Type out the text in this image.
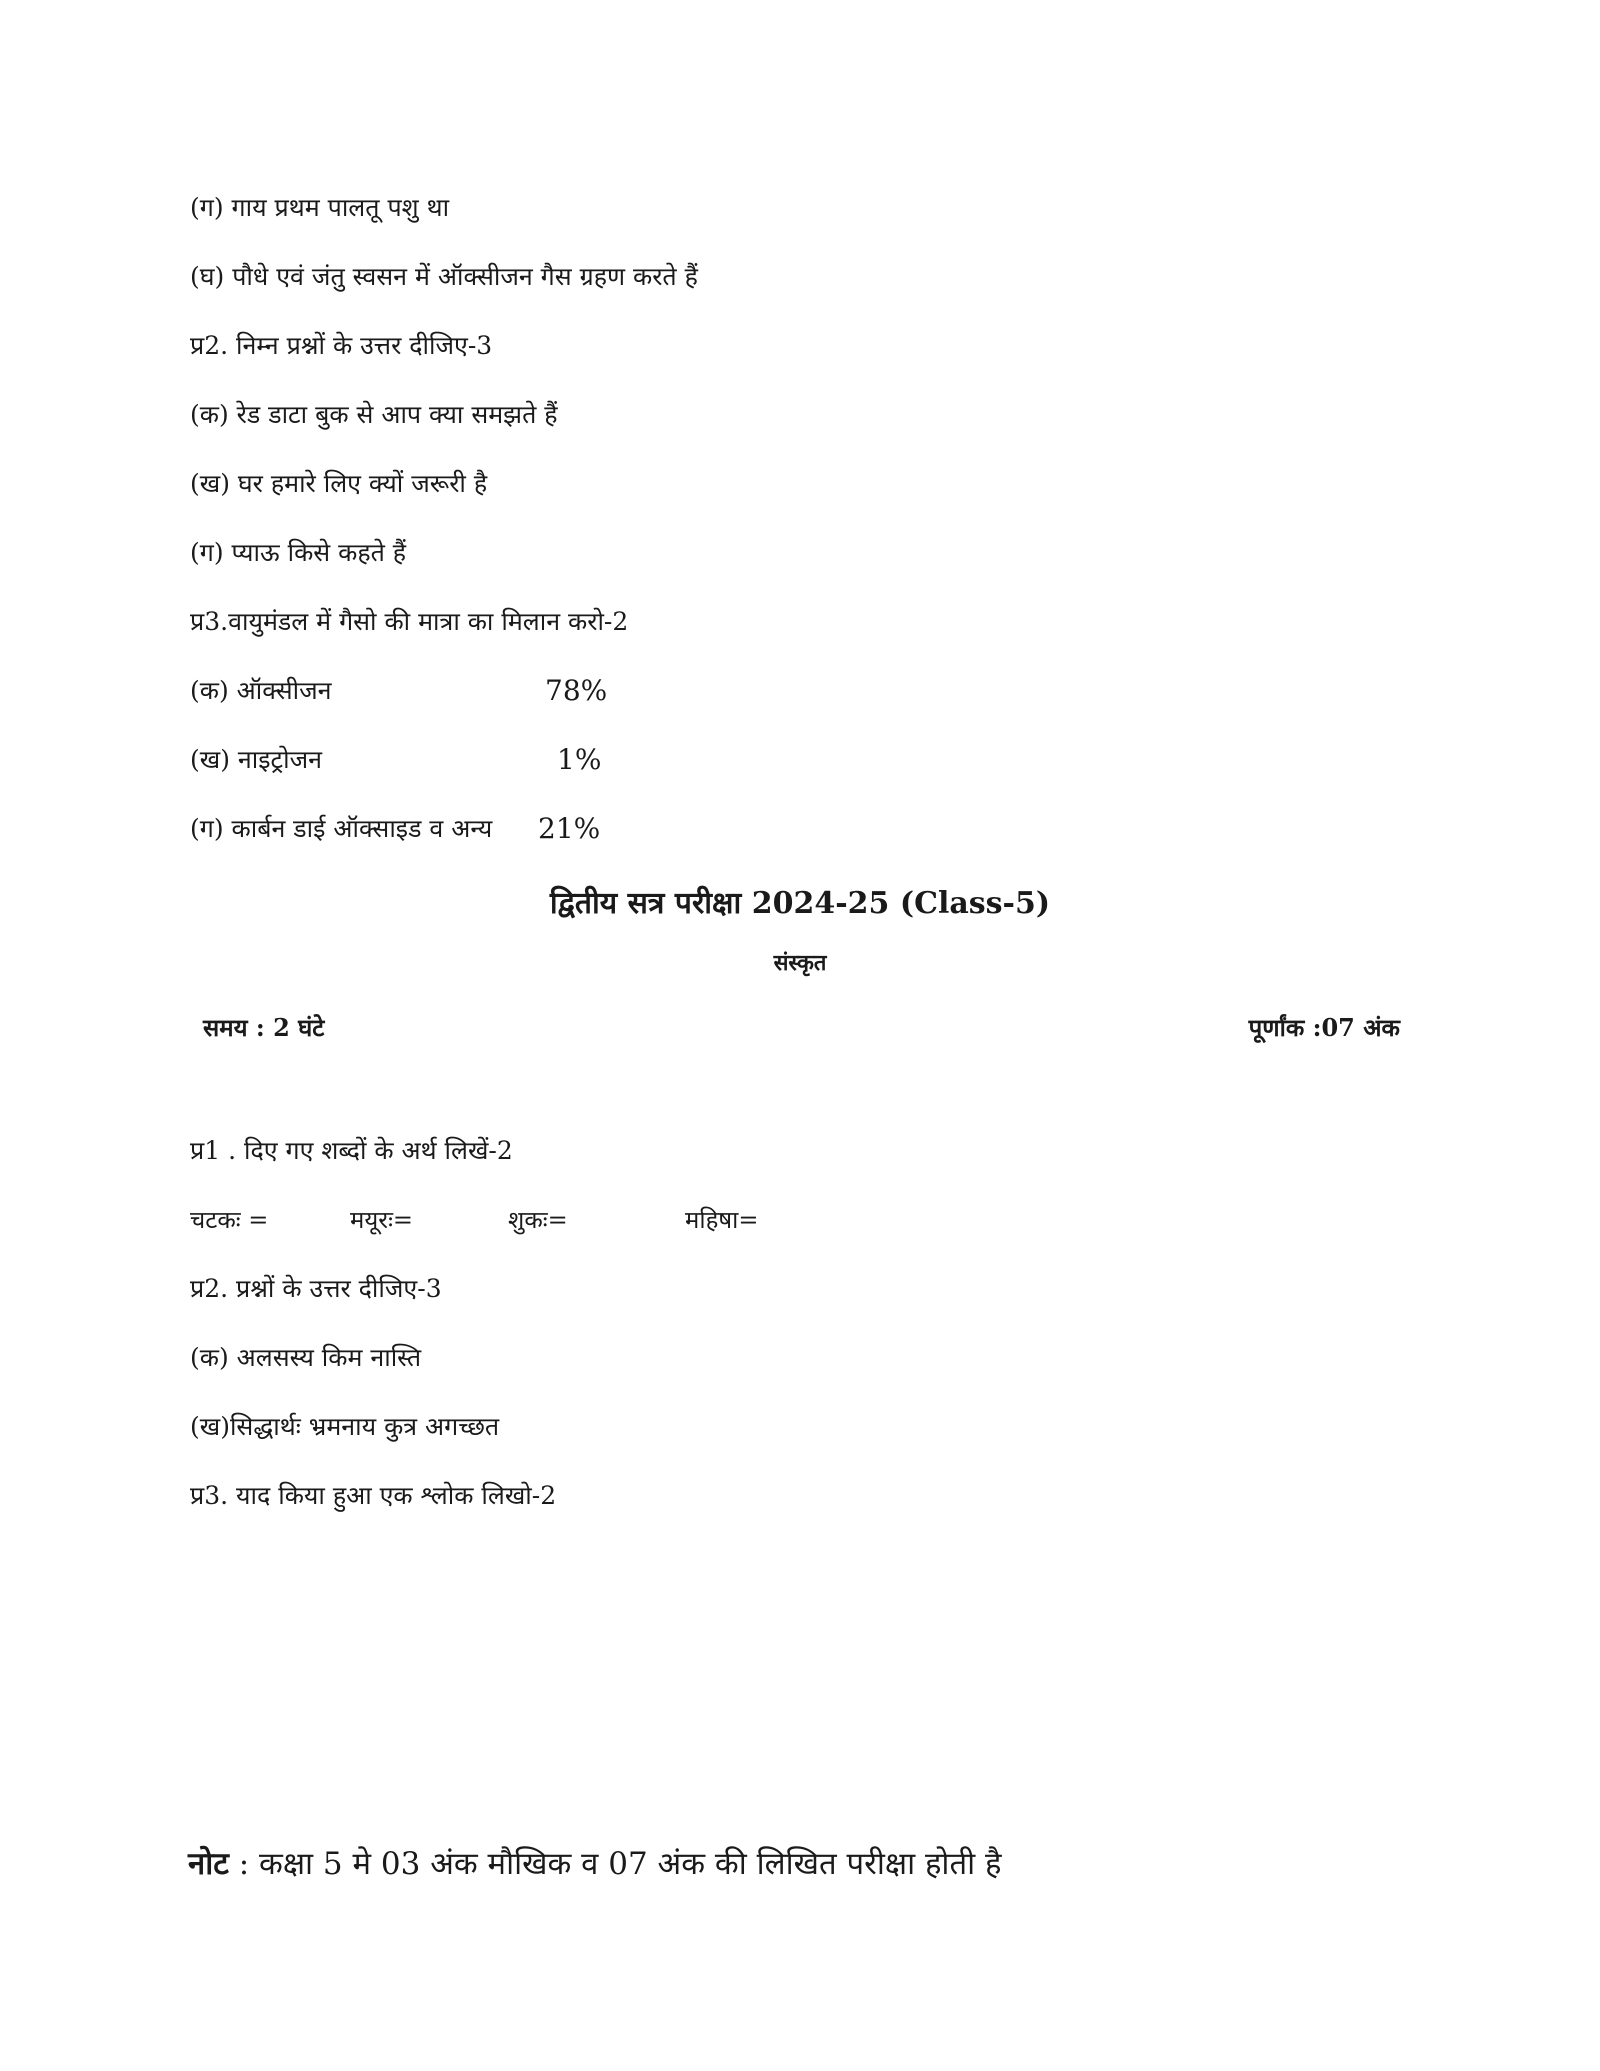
(ग) गाय प्रथम पालतू पशु था
(घ) पौधे एवं जंतु स्वसन में ऑक्सीजन गैस ग्रहण करते हैं
प्र2. निम्न प्रश्नों के उत्तर दीजिए-3
(क) रेड डाटा बुक से आप क्या समझते हैं
(ख) घर हमारे लिए क्यों जरूरी है
(ग) प्याऊ किसे कहते हैं
प्र3.वायुमंडल में गैसो की मात्रा का मिलान करो-2
(क) ऑक्सीजन	78%
(ख) नाइट्रोजन	1%
(ग) कार्बन डाई ऑक्साइड व अन्य 21%
द्वितीय सत्र परीक्षा 2024-25 (Class-5)
संस्कृत
समय : 2 घंटे	पूर्णांक :07 अंक
प्र1 . दिए गए शब्दों के अर्थ लिखें-2
चटकः =	मयूरः=	शुकः=	महिषा=
प्र2. प्रश्नों के उत्तर दीजिए-3
(क) अलसस्य किम नास्ति
(ख)सिद्धार्थः भ्रमनाय कुत्र अगच्छत
प्र3. याद किया हुआ एक श्लोक लिखो-2
नोट : कक्षा 5 मे 03 अंक मौखिक व 07 अंक की लिखित परीक्षा होती है
